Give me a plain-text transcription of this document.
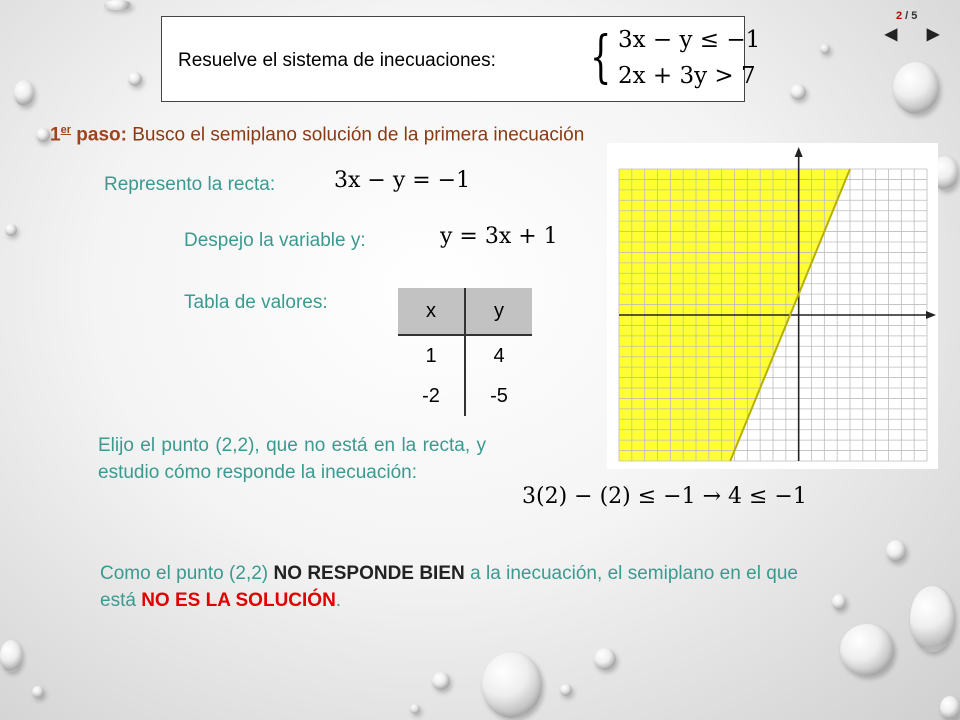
2 / 5
◀	▶
Resuelve el sistema de inecuaciones: { 3x − y ≤ −1
2x + 3y > 7
1er paso: Busco el semiplano solución de la primera inecuación
Represento la recta:	3x − y = −1
Despejo la variable y:	y = 3x + 1
Tabla de valores:	x	y
1	4
-2	-5
Elijo el punto (2,2), que no está en la recta, y estudio cómo responde la inecuación:
3(2) − (2) ≤ −1 → 4 ≤ −1
Como el punto (2,2) NO RESPONDE BIEN a la inecuación, el semiplano en el que está NO ES LA SOLUCIÓN.
